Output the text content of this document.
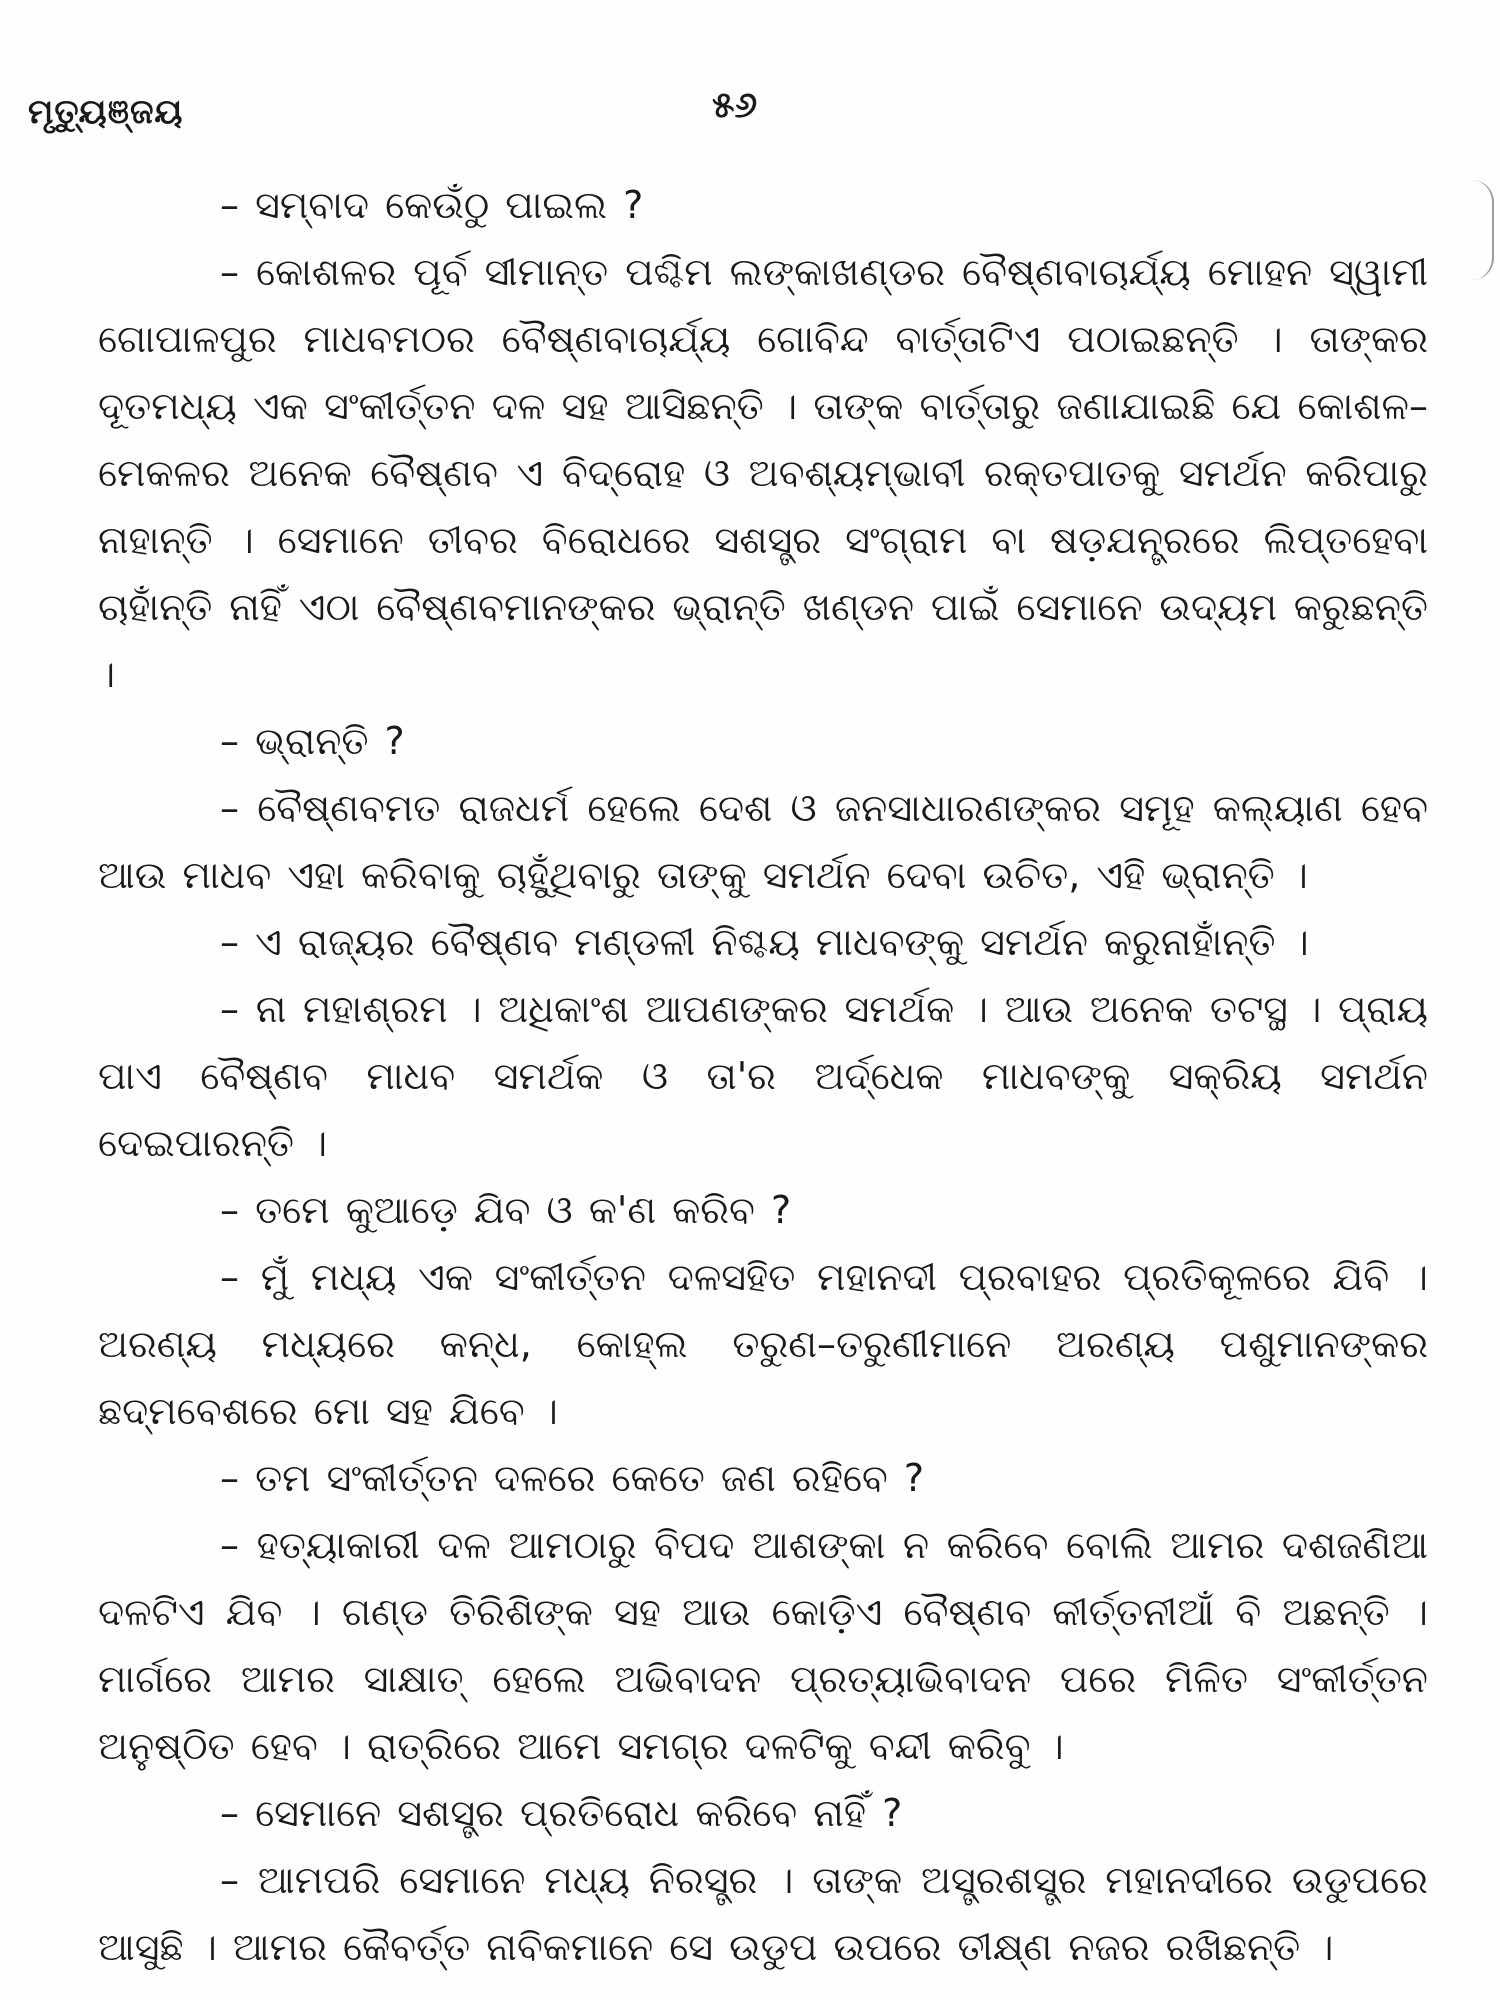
ମୃତ୍ୟୁଞ୍ଜୟ	୫୬

– ସମ୍ବାଦ କେଉଁଠୁ ପାଇଲ ?

– କୋଶଳର ପୂର୍ବ ସୀମାନ୍ତ ପଶ୍ଚିମ ଲଙ୍କାଖଣ୍ଡର ବୈଷ୍ଣବାଚାର୍ଯ୍ୟ ମୋହନ ସ୍ୱାମୀ ଗୋପାଳପୁର ମାଧବମଠର ବୈଷ୍ଣବାଚାର୍ଯ୍ୟ ଗୋବିନ୍ଦ ବାର୍ତ୍ତାଟିଏ ପଠାଇଛନ୍ତି । ତାଙ୍କର ଦୂତମଧ୍ୟ ଏକ ସଂକୀର୍ତ୍ତନ ଦଳ ସହ ଆସିଛନ୍ତି । ତାଙ୍କ ବାର୍ତ୍ତାରୁ ଜଣାଯାଇଛି ଯେ କୋଶଳ–ମେକଳର ଅନେକ ବୈଷ୍ଣବ ଏ ବିଦ୍ରୋହ ଓ ଅବଶ୍ୟମ୍ଭାବୀ ରକ୍ତପାତକୁ ସମର୍ଥନ କରିପାରୁ ନାହାନ୍ତି । ସେମାନେ ତୀବର ବିରୋଧରେ ସଶସ୍ତ୍ର ସଂଗ୍ରାମ ବା ଷଡ଼ଯନ୍ତ୍ରରେ ଲିପ୍ତହେବା ଚାହାଁନ୍ତି ନାହିଁ ଏଠା ବୈଷ୍ଣବମାନଙ୍କର ଭ୍ରାନ୍ତି ଖଣ୍ଡନ ପାଇଁ ସେମାନେ ଉଦ୍ୟମ କରୁଛନ୍ତି ।

– ଭ୍ରାନ୍ତି ?

– ବୈଷ୍ଣବମତ ରାଜଧର୍ମ ହେଲେ ଦେଶ ଓ ଜନସାଧାରଣଙ୍କର ସମୂହ କଲ୍ୟାଣ ହେବ ଆଉ ମାଧବ ଏହା କରିବାକୁ ଚାହୁଁଥିବାରୁ ତାଙ୍କୁ ସମର୍ଥନ ଦେବା ଉଚିତ, ଏହି ଭ୍ରାନ୍ତି ।

– ଏ ରାଜ୍ୟର ବୈଷ୍ଣବ ମଣ୍ଡଳୀ ନିଶ୍ଚୟ ମାଧବଙ୍କୁ ସମର୍ଥନ କରୁନାହାଁନ୍ତି ।

– ନା ମହାଶ୍ରମ । ଅଧିକାଂଶ ଆପଣଙ୍କର ସମର୍ଥକ । ଆଉ ଅନେକ ତଟସ୍ଥ । ପ୍ରାୟ ପାଏ ବୈଷ୍ଣବ ମାଧବ ସମର୍ଥକ ଓ ତା'ର ଅର୍ଦ୍ଧେକ ମାଧବଙ୍କୁ ସକ୍ରିୟ ସମର୍ଥନ ଦେଇପାରନ୍ତି ।

– ତମେ କୁଆଡ଼େ ଯିବ ଓ କ'ଣ କରିବ ?

– ମୁଁ ମଧ୍ୟ ଏକ ସଂକୀର୍ତ୍ତନ ଦଳସହିତ ମହାନଦୀ ପ୍ରବାହର ପ୍ରତିକୂଳରେ ଯିବି । ଅରଣ୍ୟ ମଧ୍ୟରେ କନ୍ଧ, କୋହ୍ଲ ତରୁଣ–ତରୁଣୀମାନେ ଅରଣ୍ୟ ପଶୁମାନଙ୍କର ଛଦ୍ମବେଶରେ ମୋ ସହ ଯିବେ ।

– ତମ ସଂକୀର୍ତ୍ତନ ଦଳରେ କେତେ ଜଣ ରହିବେ ?

– ହତ୍ୟାକାରୀ ଦଳ ଆମଠାରୁ ବିପଦ ଆଶଙ୍କା ନ କରିବେ ବୋଲି ଆମର ଦଶଜଣିଆ ଦଳଟିଏ ଯିବ । ଗଣ୍ଡ ତିରିଶିଙ୍କ ସହ ଆଉ କୋଡ଼ିଏ ବୈଷ୍ଣବ କୀର୍ତ୍ତନୀଆଁ ବି ଅଛନ୍ତି । ମାର୍ଗରେ ଆମର ସାକ୍ଷାତ୍ ହେଲେ ଅଭିବାଦନ ପ୍ରତ୍ୟାଭିବାଦନ ପରେ ମିଳିତ ସଂକୀର୍ତ୍ତନ ଅନୁଷ୍ଠିତ ହେବ । ରାତ୍ରିରେ ଆମେ ସମଗ୍ର ଦଳଟିକୁ ବନ୍ଦୀ କରିବୁ ।

– ସେମାନେ ସଶସ୍ତ୍ର ପ୍ରତିରୋଧ କରିବେ ନାହିଁ ?

– ଆମପରି ସେମାନେ ମଧ୍ୟ ନିରସ୍ତ୍ର । ତାଙ୍କ ଅସ୍ତ୍ରଶସ୍ତ୍ର ମହାନଦୀରେ ଉଡୁପରେ ଆସୁଛି । ଆମର କୈବର୍ତ୍ତ ନାବିକମାନେ ସେ ଉଡୁପ ଉପରେ ତୀକ୍ଷ୍ଣ ନଜର ରଖିଛନ୍ତି ।
